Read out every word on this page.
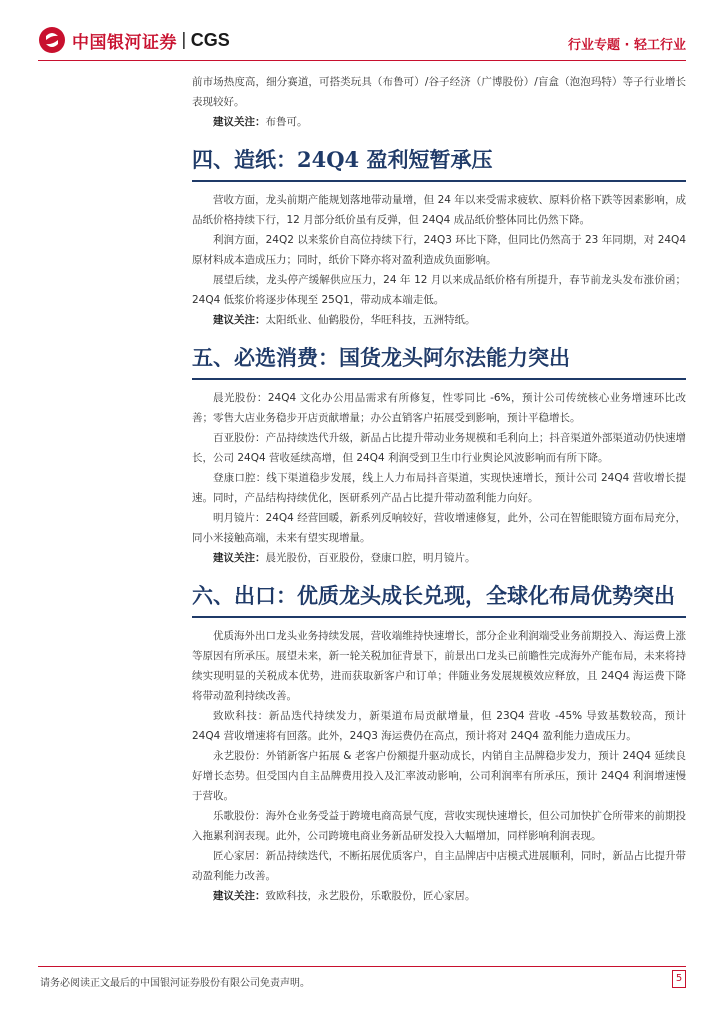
中国银河证券 | CGS	行业专题 · 轻工行业

前市场热度高，细分赛道，可搭类玩具（布鲁可）/谷子经济（广博股份）/盲盒（泡泡玛特）等子行业增长表现较好。

建议关注：布鲁可。

四、造纸：24Q4 盈利短暂承压

营收方面，龙头前期产能规划落地带动量增，但 24 年以来受需求疲软、原料价格下跌等因素影响，成品纸价格持续下行，12 月部分纸价虽有反弹，但 24Q4 成品纸价整体同比仍然下降。

利润方面，24Q2 以来浆价自高位持续下行，24Q3 环比下降，但同比仍然高于 23 年同期，对 24Q4 原材料成本造成压力；同时，纸价下降亦将对盈利造成负面影响。

展望后续，龙头停产缓解供应压力，24 年 12 月以来成品纸价格有所提升，春节前龙头发布涨价函；24Q4 低浆价将逐步体现至 25Q1，带动成本端走低。

建议关注：太阳纸业、仙鹤股份，华旺科技，五洲特纸。

五、必选消费：国货龙头阿尔法能力突出

晨光股份：24Q4 文化办公用品需求有所修复，性零同比 -6%，预计公司传统核心业务增速环比改善；零售大店业务稳步开店贡献增量；办公直销客户拓展受到影响，预计平稳增长。

百亚股份：产品持续迭代升级，新品占比提升带动业务规模和毛利向上；抖音渠道外部渠道动仍快速增长，公司 24Q4 营收延续高增，但 24Q4 利润受到卫生巾行业舆论风波影响而有所下降。

登康口腔：线下渠道稳步发展，线上人力布局抖音渠道，实现快速增长，预计公司 24Q4 营收增长提速。同时，产品结构持续优化，医研系列产品占比提升带动盈利能力向好。

明月镜片：24Q4 经营回暖，新系列反响较好，营收增速修复，此外，公司在智能眼镜方面布局充分，同小米接触高端，未来有望实现增量。

建议关注：晨光股份，百亚股份，登康口腔，明月镜片。

六、出口：优质龙头成长兑现，全球化布局优势突出

优质海外出口龙头业务持续发展，营收端维持快速增长，部分企业利润端受业务前期投入、海运费上涨等原因有所承压。展望未来，新一轮关税加征背景下，前景出口龙头已前瞻性完成海外产能布局，未来将持续实现明显的关税成本优势，进而获取新客户和订单；伴随业务发展规模效应释放，且 24Q4 海运费下降将带动盈利持续改善。

致欧科技：新品迭代持续发力，新渠道布局贡献增量，但 23Q4 营收 -45% 导致基数较高，预计 24Q4 营收增速将有回落。此外，24Q3 海运费仍在高点，预计将对 24Q4 盈利能力造成压力。

永艺股份：外销新客户拓展 & 老客户份额提升驱动成长，内销自主品牌稳步发力，预计 24Q4 延续良好增长态势。但受国内自主品牌费用投入及汇率波动影响，公司利润率有所承压，预计 24Q4 利润增速慢于营收。

乐歌股份：海外仓业务受益于跨境电商高景气度，营收实现快速增长，但公司加快扩仓所带来的前期投入拖累利润表现。此外，公司跨境电商业务新品研发投入大幅增加，同样影响利润表现。

匠心家居：新品持续迭代，不断拓展优质客户，自主品牌店中店模式进展顺利，同时，新品占比提升带动盈利能力改善。

建议关注：致欧科技，永艺股份，乐歌股份，匠心家居。

请务必阅读正文最后的中国银河证券股份有限公司免责声明。	5
